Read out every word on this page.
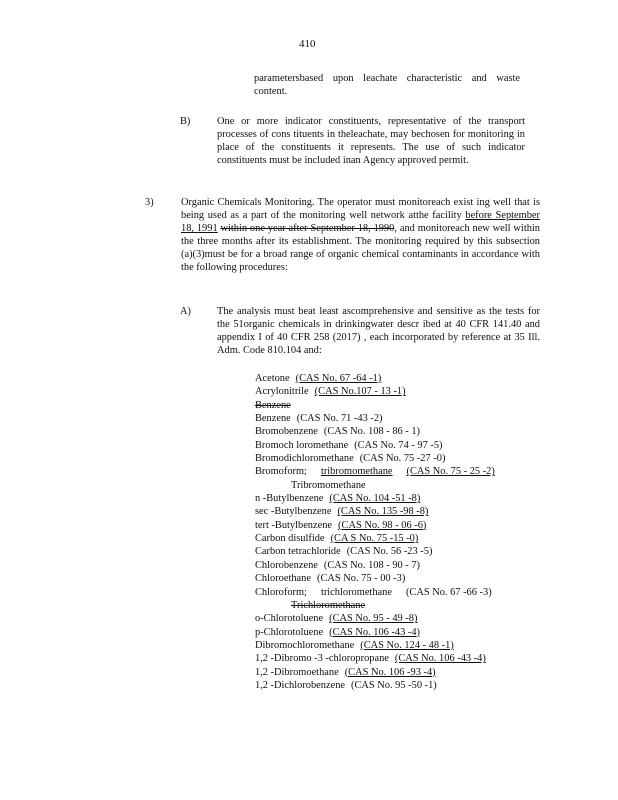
410
parametersbased upon leachate characteristic and waste content.
B)	One or more indicator constituents, representative of the transport processes of cons tituents in theleachate, may bechosen for monitoring in place of the constituents it represents. The use of such indicator constituents must be included inan Agency approved permit.
3)	Organic Chemicals Monitoring. The operator must monitoreach exist ing well that is being used as a part of the monitoring well network atthe facility before September 18, 1991 within one year after September 18, 1990, and monitoreach new well within the three months after its establishment. The monitoring required by this subsection (a)(3)must be for a broad range of organic chemical contaminants in accordance with the following procedures:
A)	The analysis must beat least ascomprehensive and sensitive as the tests for the 51organic chemicals in drinkingwater descr ibed at 40 CFR 141.40 and appendix I of 40 CFR 258 (2017) , each incorporated by reference at 35 Ill. Adm. Code 810.104 and:
Acetone (CAS No. 67 -64 -1)
Acrylonitrile (CAS No.107 - 13 -1)
Benzene
Benzene (CAS No. 71 -43 -2)
Bromobenzene (CAS No. 108 - 86 - 1)
Bromoch loromethane (CAS No. 74 - 97 -5)
Bromodichloromethane (CAS No. 75 -27 -0)
Bromoform; tribromomethane (CAS No. 75 - 25 -2)
Tribromomethane
n -Butylbenzene (CAS No. 104 -51 -8)
sec -Butylbenzene (CAS No. 135 -98 -8)
tert -Butylbenzene (CAS No. 98 - 06 -6)
Carbon disulfide (CA S No. 75 -15 -0)
Carbon tetrachloride (CAS No. 56 -23 -5)
Chlorobenzene (CAS No. 108 - 90 - 7)
Chloroethane (CAS No. 75 - 00 -3)
Chloroform; trichloromethane (CAS No. 67 -66 -3)
Trichloromethane
o-Chlorotoluene (CAS No. 95 - 49 -8)
p-Chlorotoluene (CAS No. 106 -43 -4)
Dibromochloromethane (CAS No. 124 - 48 -1)
1,2 -Dibromo -3 -chloropropane (CAS No. 106 -43 -4)
1,2 -Dibromoethane (CAS No. 106 -93 -4)
1,2 -Dichlorobenzene (CAS No. 95 -50 -1)
